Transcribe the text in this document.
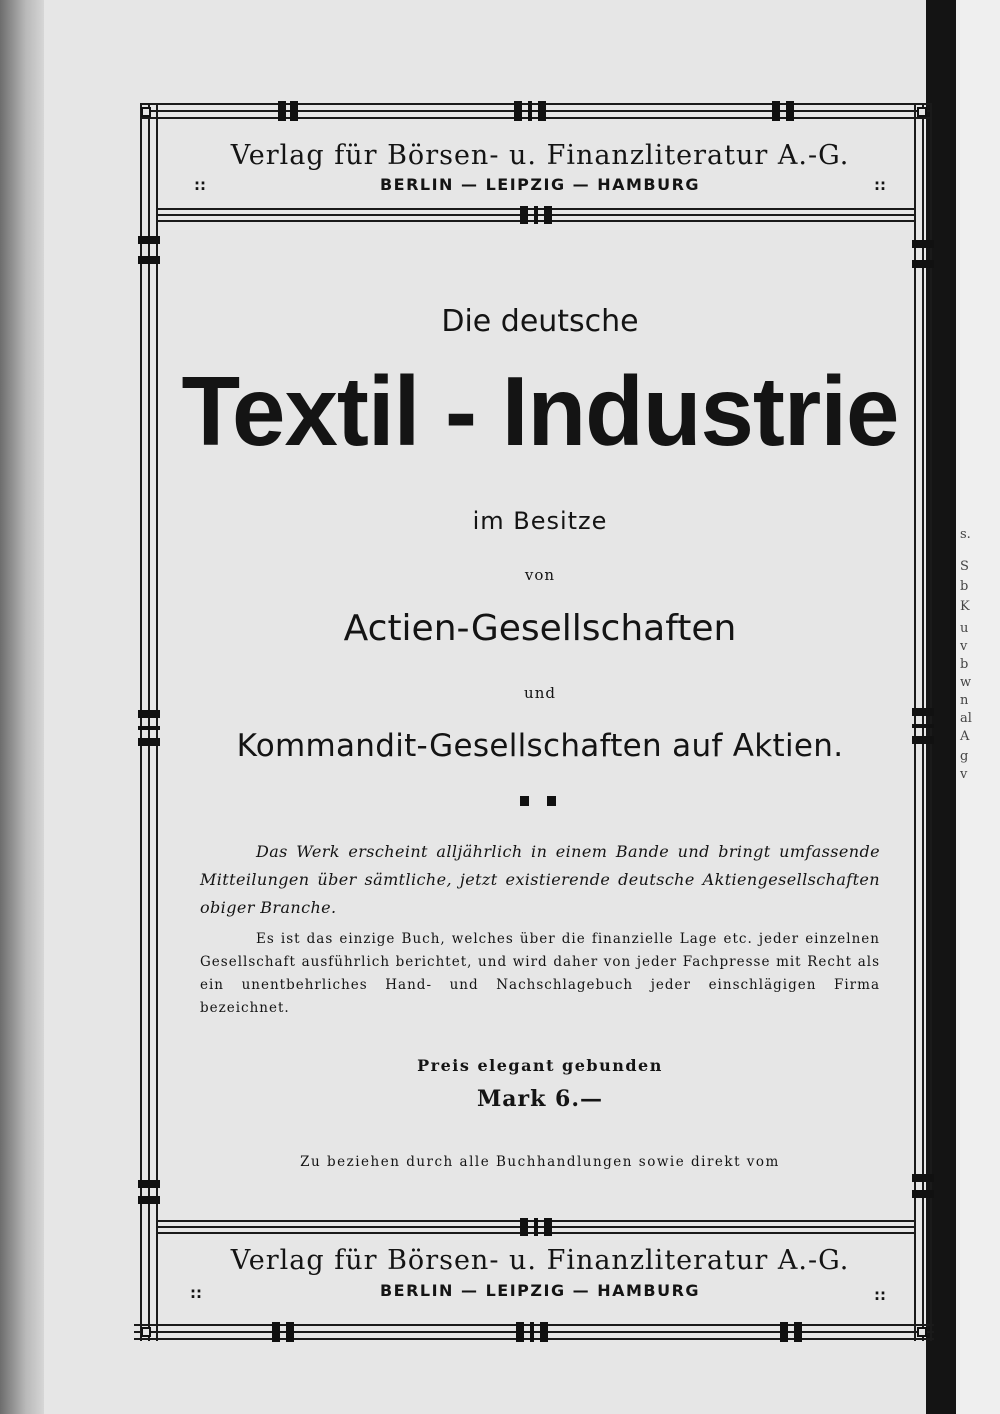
s.
S
b
K
u
v
b
w
n
al
A
g
v
Verlag für Börsen- u. Finanzliteratur A.-G.
BERLIN — LEIPZIG — HAMBURG
::	::
Die deutsche
Textil - Industrie
im Besitze
von
Actien-Gesellschaften
und
Kommandit-Gesellschaften auf Aktien.
Das Werk erscheint alljährlich in einem Bande und bringt umfassende Mitteilungen über sämtliche, jetzt existierende deutsche Aktiengesellschaften obiger Branche.
Es ist das einzige Buch, welches über die finanzielle Lage etc. jeder einzelnen Gesellschaft ausführlich berichtet, und wird daher von jeder Fachpresse mit Recht als ein unentbehrliches Hand- und Nachschlagebuch jeder einschlägigen Firma bezeichnet.
Preis elegant gebunden
Mark 6.—
Zu beziehen durch alle Buchhandlungen sowie direkt vom
Verlag für Börsen- u. Finanzliteratur A.-G.
BERLIN — LEIPZIG — HAMBURG
::	::
